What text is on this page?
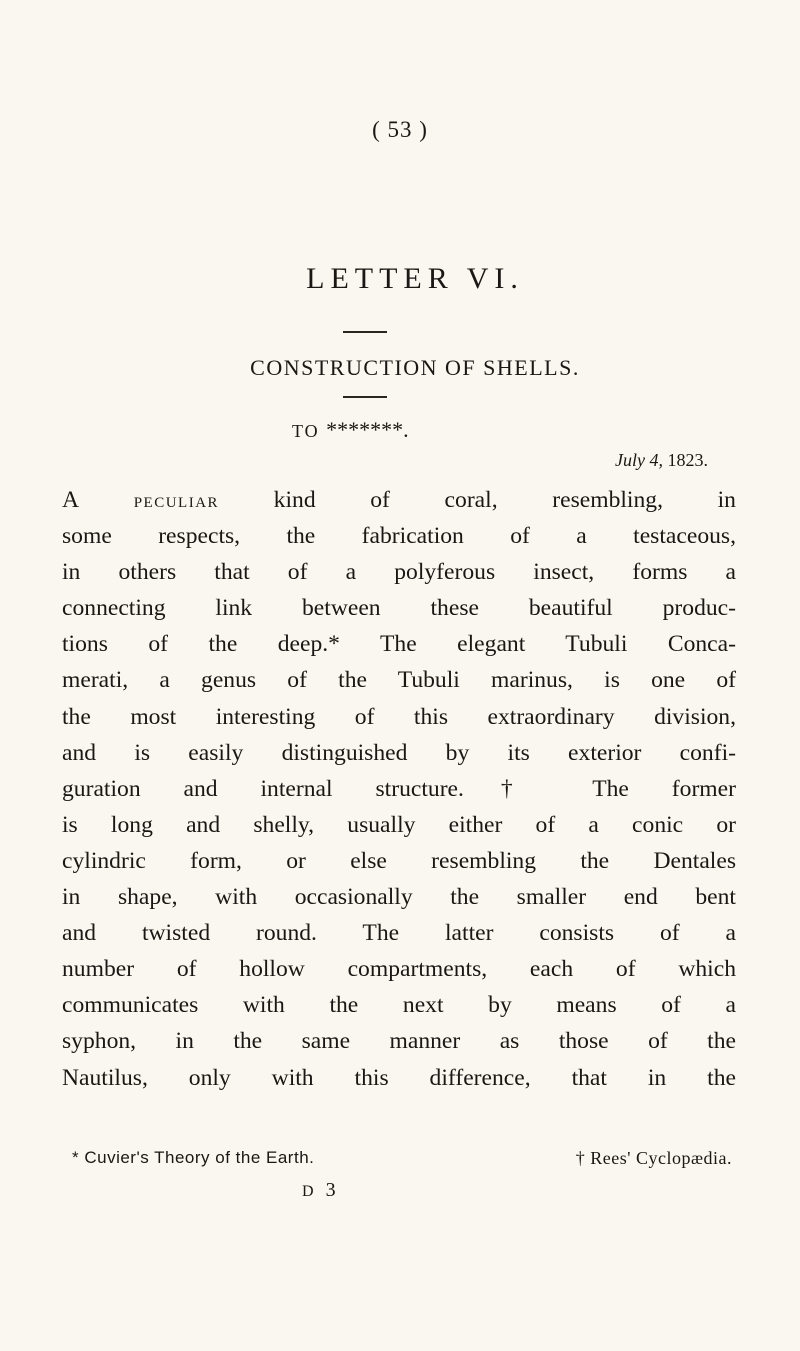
( 53 )
LETTER VI.
CONSTRUCTION OF SHELLS.
TO *******.
July 4, 1823.
A peculiar kind of coral, resembling, in
some respects, the fabrication of a testaceous,
in others that of a polyferous insect, forms a
connecting link between these beautiful produc-
tions of the deep.* The elegant Tubuli Conca-
merati, a genus of the Tubuli marinus, is one of
the most interesting of this extraordinary division,
and is easily distinguished by its exterior confi-
guration and internal structure.† The former
is long and shelly, usually either of a conic or
cylindric form, or else resembling the Dentales
in shape, with occasionally the smaller end bent
and twisted round. The latter consists of a
number of hollow compartments, each of which
communicates with the next by means of a
syphon, in the same manner as those of the
Nautilus, only with this difference, that in the
* Cuvier's Theory of the Earth.	† Rees' Cyclopædia.
D 3
